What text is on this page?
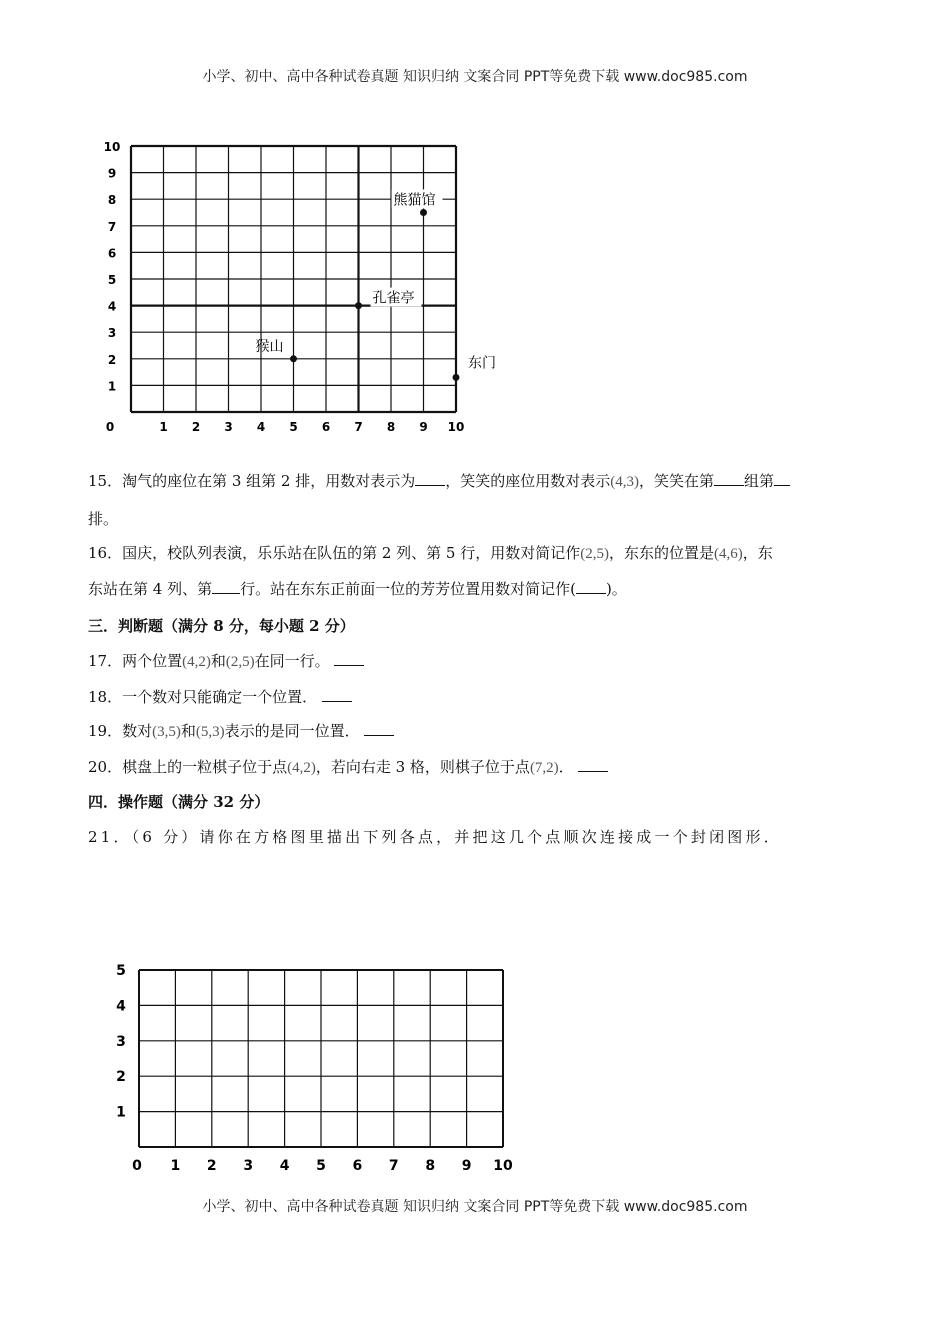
小学、初中、高中各种试卷真题 知识归纳 文案合同 PPT等免费下载 www.doc985.com
0	1 2 3 4 5 6 7 8 9 10
1
2
3
4
5
6
7
8
9
10
猴山
孔雀亭
熊猫馆
东门
15．淘气的座位在第 3 组第 2 排，用数对表示为 ，笑笑的座位用数对表示(4,3)，笑笑在第 组第
排。
16．国庆，校队列表演，乐乐站在队伍的第 2 列、第 5 行，用数对简记作(2,5)，东东的位置是(4,6)，东
东站在第 4 列、第 行。站在东东正前面一位的芳芳位置用数对简记作( )。
三．判断题（满分 8 分，每小题 2 分）
17．两个位置(4,2)和(2,5)在同一行。
18．一个数对只能确定一个位置．
19．数对(3,5)和(5,3)表示的是同一位置．
20．棋盘上的一粒棋子位于点(4,2)，若向右走 3 格，则棋子位于点(7,2)．
四．操作题（满分 32 分）
21．（6 分）请你在方格图里描出下列各点，并把这几个点顺次连接成一个封闭图形．
0 1 2 3 4 5 6 7 8 9 10
1
2
3
4
5
小学、初中、高中各种试卷真题 知识归纳 文案合同 PPT等免费下载 www.doc985.com
